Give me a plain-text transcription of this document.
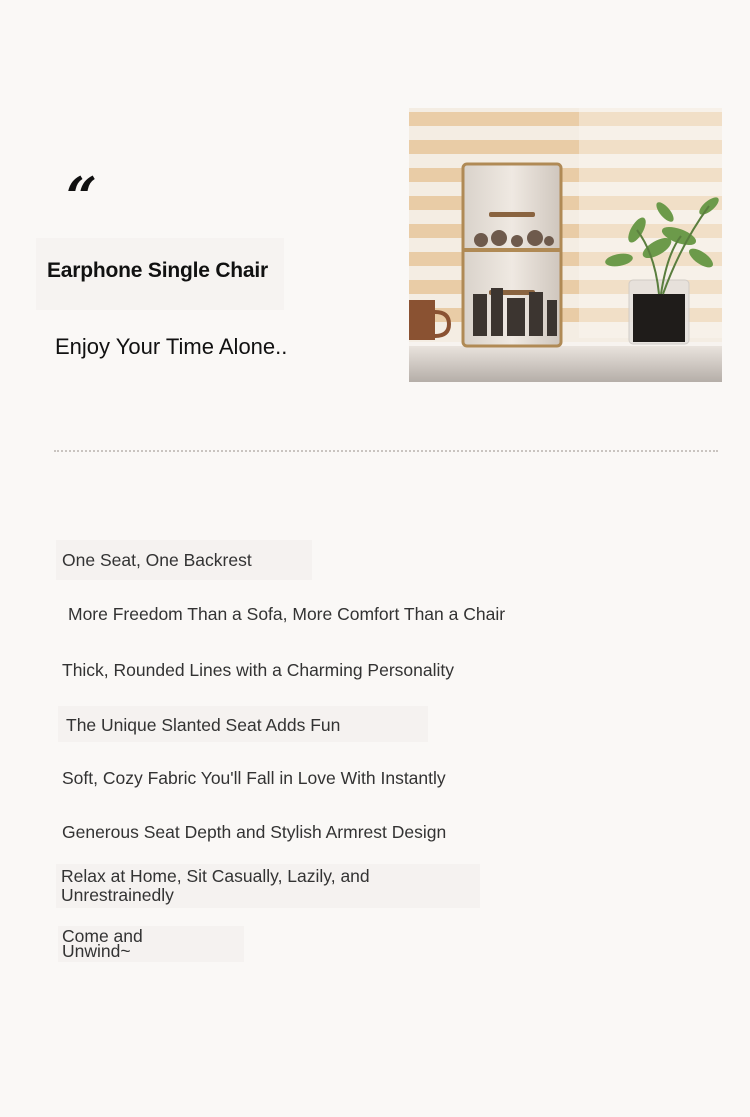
“
Earphone Single Chair
Enjoy Your Time Alone..
One Seat, One Backrest
More Freedom Than a Sofa, More Comfort Than a Chair
Thick, Rounded Lines with a Charming Personality
The Unique Slanted Seat Adds Fun
Soft, Cozy Fabric You'll Fall in Love With Instantly
Generous Seat Depth and Stylish Armrest Design
Relax at Home, Sit Casually, Lazily, and Unrestrainedly
Come and Unwind~
